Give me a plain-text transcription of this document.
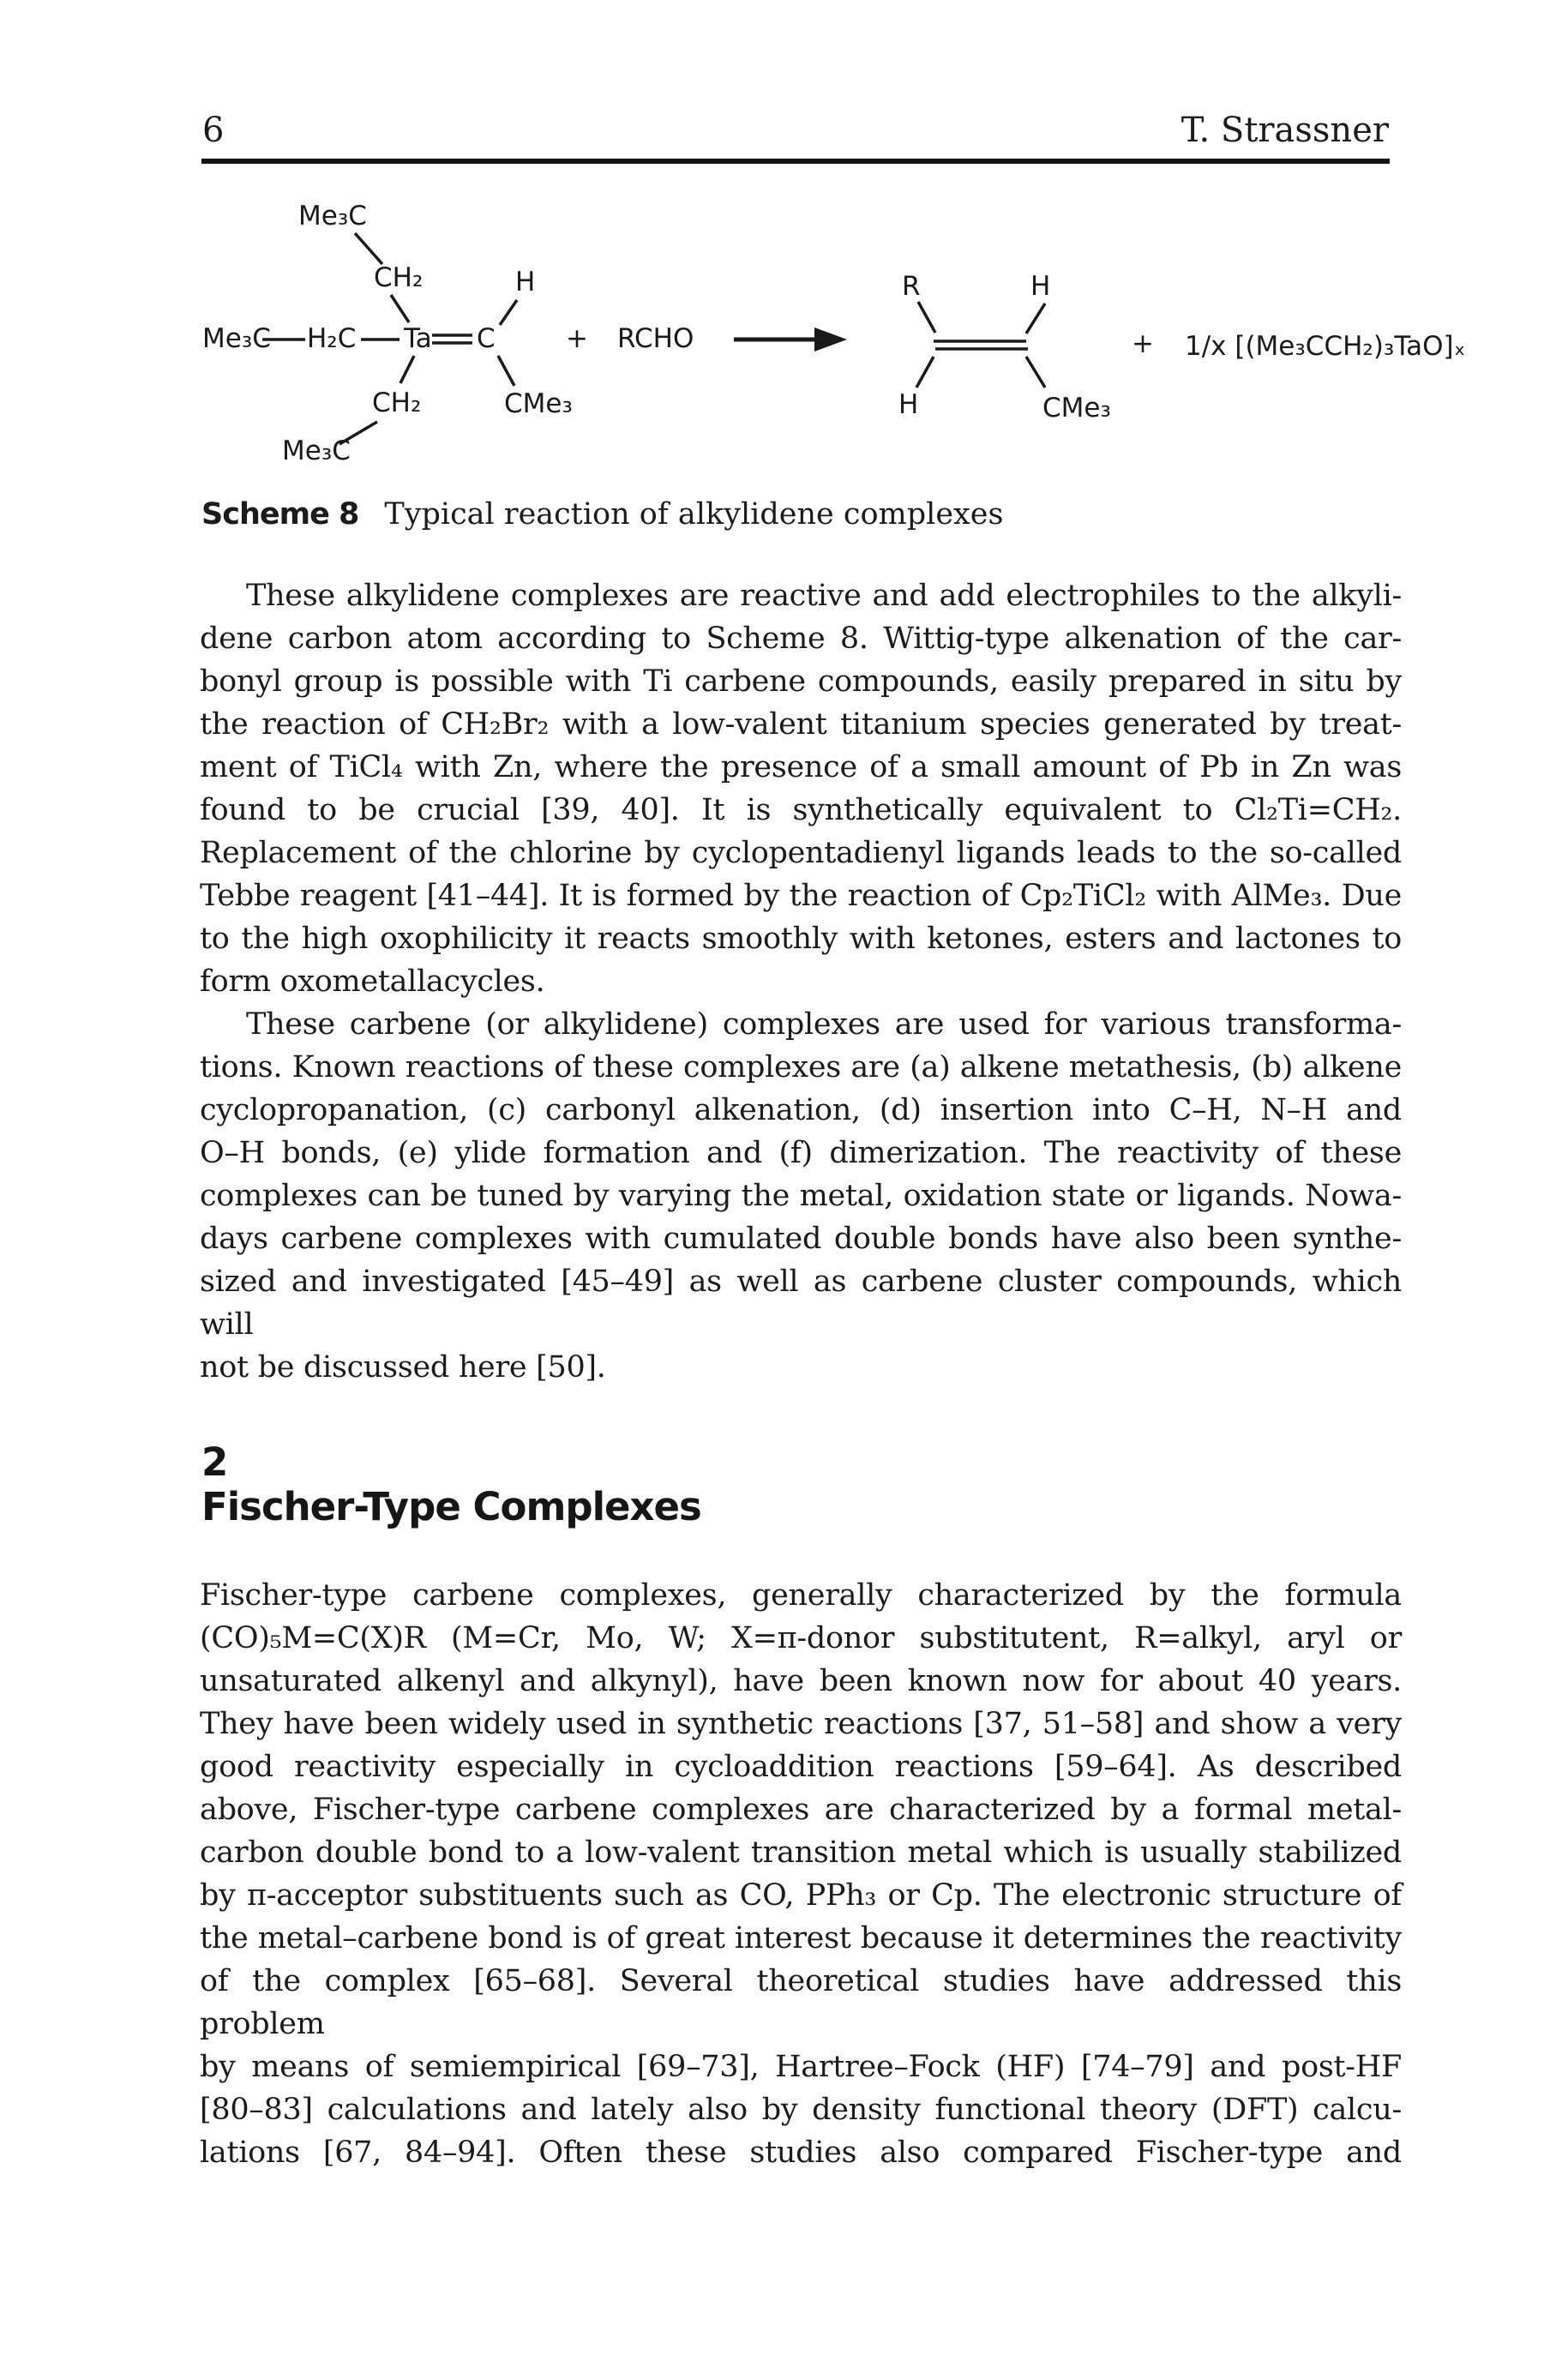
6	T. Strassner
Me₃C
CH₂
Me₃C H₂C Ta C
H
CMe₃
CH₂
Me₃C
+ RCHO
R	H
H	CMe₃
+ 1/x [(Me₃CCH₂)₃TaO]ₓ
Scheme 8 Typical reaction of alkylidene complexes
These alkylidene complexes are reactive and add electrophiles to the alkyli-
dene carbon atom according to Scheme 8. Wittig-type alkenation of the car-
bonyl group is possible with Ti carbene compounds, easily prepared in situ by
the reaction of CH₂Br₂ with a low-valent titanium species generated by treat-
ment of TiCl₄ with Zn, where the presence of a small amount of Pb in Zn was
found to be crucial [39, 40]. It is synthetically equivalent to Cl₂Ti=CH₂.
Replacement of the chlorine by cyclopentadienyl ligands leads to the so-called
Tebbe reagent [41–44]. It is formed by the reaction of Cp₂TiCl₂ with AlMe₃. Due
to the high oxophilicity it reacts smoothly with ketones, esters and lactones to
form oxometallacycles.
These carbene (or alkylidene) complexes are used for various transforma-
tions. Known reactions of these complexes are (a) alkene metathesis, (b) alkene
cyclopropanation, (c) carbonyl alkenation, (d) insertion into C–H, N–H and
O–H bonds, (e) ylide formation and (f) dimerization. The reactivity of these
complexes can be tuned by varying the metal, oxidation state or ligands. Nowa-
days carbene complexes with cumulated double bonds have also been synthe-
sized and investigated [45–49] as well as carbene cluster compounds, which will
not be discussed here [50].
2
Fischer-Type Complexes
Fischer-type carbene complexes, generally characterized by the formula
(CO)₅M=C(X)R (M=Cr, Mo, W; X=π-donor substitutent, R=alkyl, aryl or
unsaturated alkenyl and alkynyl), have been known now for about 40 years.
They have been widely used in synthetic reactions [37, 51–58] and show a very
good reactivity especially in cycloaddition reactions [59–64]. As described
above, Fischer-type carbene complexes are characterized by a formal metal-
carbon double bond to a low-valent transition metal which is usually stabilized
by π-acceptor substituents such as CO, PPh₃ or Cp. The electronic structure of
the metal–carbene bond is of great interest because it determines the reactivity
of the complex [65–68]. Several theoretical studies have addressed this problem
by means of semiempirical [69–73], Hartree–Fock (HF) [74–79] and post-HF
[80–83] calculations and lately also by density functional theory (DFT) calcu-
lations [67, 84–94]. Often these studies also compared Fischer-type and
